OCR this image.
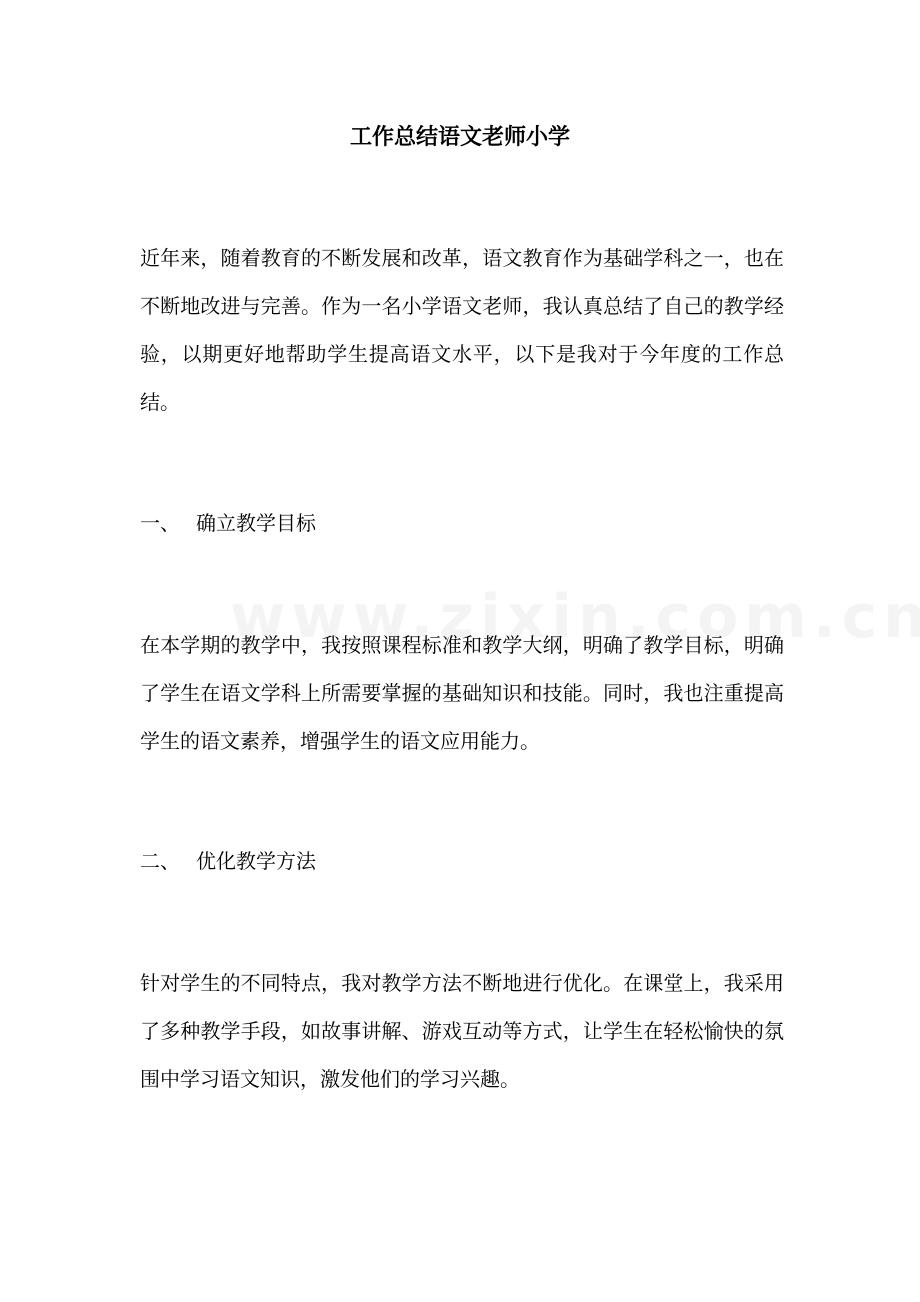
工作总结语文老师小学

近年来，随着教育的不断发展和改革，语文教育作为基础学科之一，也在不断地改进与完善。作为一名小学语文老师，我认真总结了自己的教学经验，以期更好地帮助学生提高语文水平，以下是我对于今年度的工作总结。

一、 确立教学目标

在本学期的教学中，我按照课程标准和教学大纲，明确了教学目标，明确了学生在语文学科上所需要掌握的基础知识和技能。同时，我也注重提高学生的语文素养，增强学生的语文应用能力。

二、 优化教学方法

针对学生的不同特点，我对教学方法不断地进行优化。在课堂上，我采用了多种教学手段，如故事讲解、游戏互动等方式，让学生在轻松愉快的氛围中学习语文知识，激发他们的学习兴趣。
